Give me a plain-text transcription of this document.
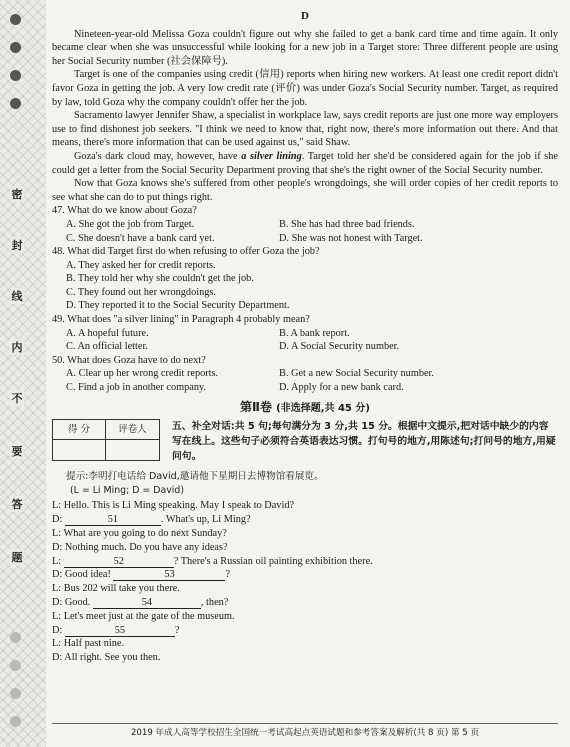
密
封
线
内
不
要
答
题
D

Nineteen-year-old Melissa Goza couldn't figure out why she failed to get a bank card time and time again. It only became clear when she was unsuccessful while looking for a new job in a Target store: Three different people are using her Social Security number (社会保障号).

Target is one of the companies using credit (信用) reports when hiring new workers. At least one credit report didn't favor Goza in getting the job. A very low credit rate (评价) was under Goza's Social Security number. Target, as required by law, told Goza why the company couldn't offer her the job.

Sacramento lawyer Jennifer Shaw, a specialist in workplace law, says credit reports are just one more way employers use to find dishonest job seekers. "I think we need to know that, right now, there's more information out there. And that means, there's more information that can be used against us," said Shaw.

Goza's dark cloud may, however, have a silver lining. Target told her she'd be considered again for the job if she could get a letter from the Social Security Department proving that she's the right owner of the Social Security number.

Now that Goza knows she's suffered from other people's wrongdoings, she will order copies of her credit reports to see what she can do to put things right.

47. What do we know about Goza?

A. She got the job from Target.	B. She has had three bad friends.
C. She doesn't have a bank card yet.	D. She was not honest with Target.

48. What did Target first do when refusing to offer Goza the job?

A. They asked her for credit reports.
B. They told her why she couldn't get the job.
C. They found out her wrongdoings.
D. They reported it to the Social Security Department.

49. What does "a silver lining" in Paragraph 4 probably mean?

A. A hopeful future.	B. A bank report.
C. An official letter.	D. A Social Security number.

50. What does Goza have to do next?

A. Clear up her wrong credit reports.	B. Get a new Social Security number.
C. Find a job in another company.	D. Apply for a new bank card.
第Ⅱ卷 (非选择题,共 45 分)
得 分	评卷人	五、补全对话:共 5 句;每句满分为 3 分,共 15 分。根据中文提示,把对话中缺少的内容写在线上。这些句子必须符合英语表达习惯。打句号的地方,用陈述句;打问号的地方,用疑问句。
提示:李明打电话给 David,邀请他下星期日去博物馆看展览。
(L = Li Ming; D = David)

L: Hello. This is Li Ming speaking. May I speak to David?

D:	51	. What's up, Li Ming?

L: What are you going to do next Sunday?

D: Nothing much. Do you have any ideas?

L:	52	? There's a Russian oil painting exhibition there.

D: Good idea!	53	?

L: Bus 202 will take you there.

D: Good.	54	, then?

L: Let's meet just at the gate of the museum.

D:	55	?

L: Half past nine.

D: All right. See you then.

2019 年成人高等学校招生全国统一考试高起点英语试题和参考答案及解析(共 8 页) 第 5 页
